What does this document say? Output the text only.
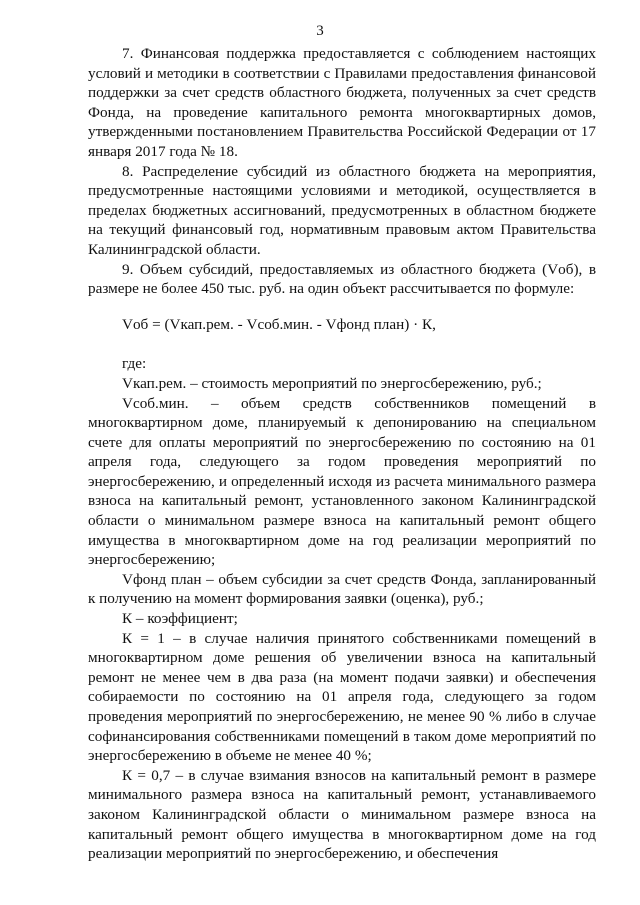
3

7. Финансовая поддержка предоставляется с соблюдением настоящих условий и методики в соответствии с Правилами предоставления финансовой поддержки за счет средств областного бюджета, полученных за счет средств Фонда, на проведение капитального ремонта многоквартирных домов, утвержденными постановлением Правительства Российской Федерации от 17 января 2017 года № 18.

8. Распределение субсидий из областного бюджета на мероприятия, предусмотренные настоящими условиями и методикой, осуществляется в пределах бюджетных ассигнований, предусмотренных в областном бюджете на текущий финансовый год, нормативным правовым актом Правительства Калининградской области.

9. Объем субсидий, предоставляемых из областного бюджета (Vоб), в размере не более 450 тыс. руб. на один объект рассчитывается по формуле:

Vоб = (Vкап.рем. - Vсоб.мин. - Vфонд план) · К,

где:

Vкап.рем. – стоимость мероприятий по энергосбережению, руб.;

Vсоб.мин. – объем средств собственников помещений в многоквартирном доме, планируемый к депонированию на специальном счете для оплаты мероприятий по энергосбережению по состоянию на 01 апреля года, следующего за годом проведения мероприятий по энергосбережению, и определенный исходя из расчета минимального размера взноса на капитальный ремонт, установленного законом Калининградской области о минимальном размере взноса на капитальный ремонт общего имущества в многоквартирном доме на год реализации мероприятий по энергосбережению;

Vфонд план – объем субсидии за счет средств Фонда, запланированный к получению на момент формирования заявки (оценка), руб.;

К – коэффициент;

К = 1 – в случае наличия принятого собственниками помещений в многоквартирном доме решения об увеличении взноса на капитальный ремонт не менее чем в два раза (на момент подачи заявки) и обеспечения собираемости по состоянию на 01 апреля года, следующего за годом проведения мероприятий по энергосбережению, не менее 90 % либо в случае софинансирования собственниками помещений в таком доме мероприятий по энергосбережению в объеме не менее 40 %;

К = 0,7 – в случае взимания взносов на капитальный ремонт в размере минимального размера взноса на капитальный ремонт, устанавливаемого законом Калининградской области о минимальном размере взноса на капитальный ремонт общего имущества в многоквартирном доме на год реализации мероприятий по энергосбережению, и обеспечения
